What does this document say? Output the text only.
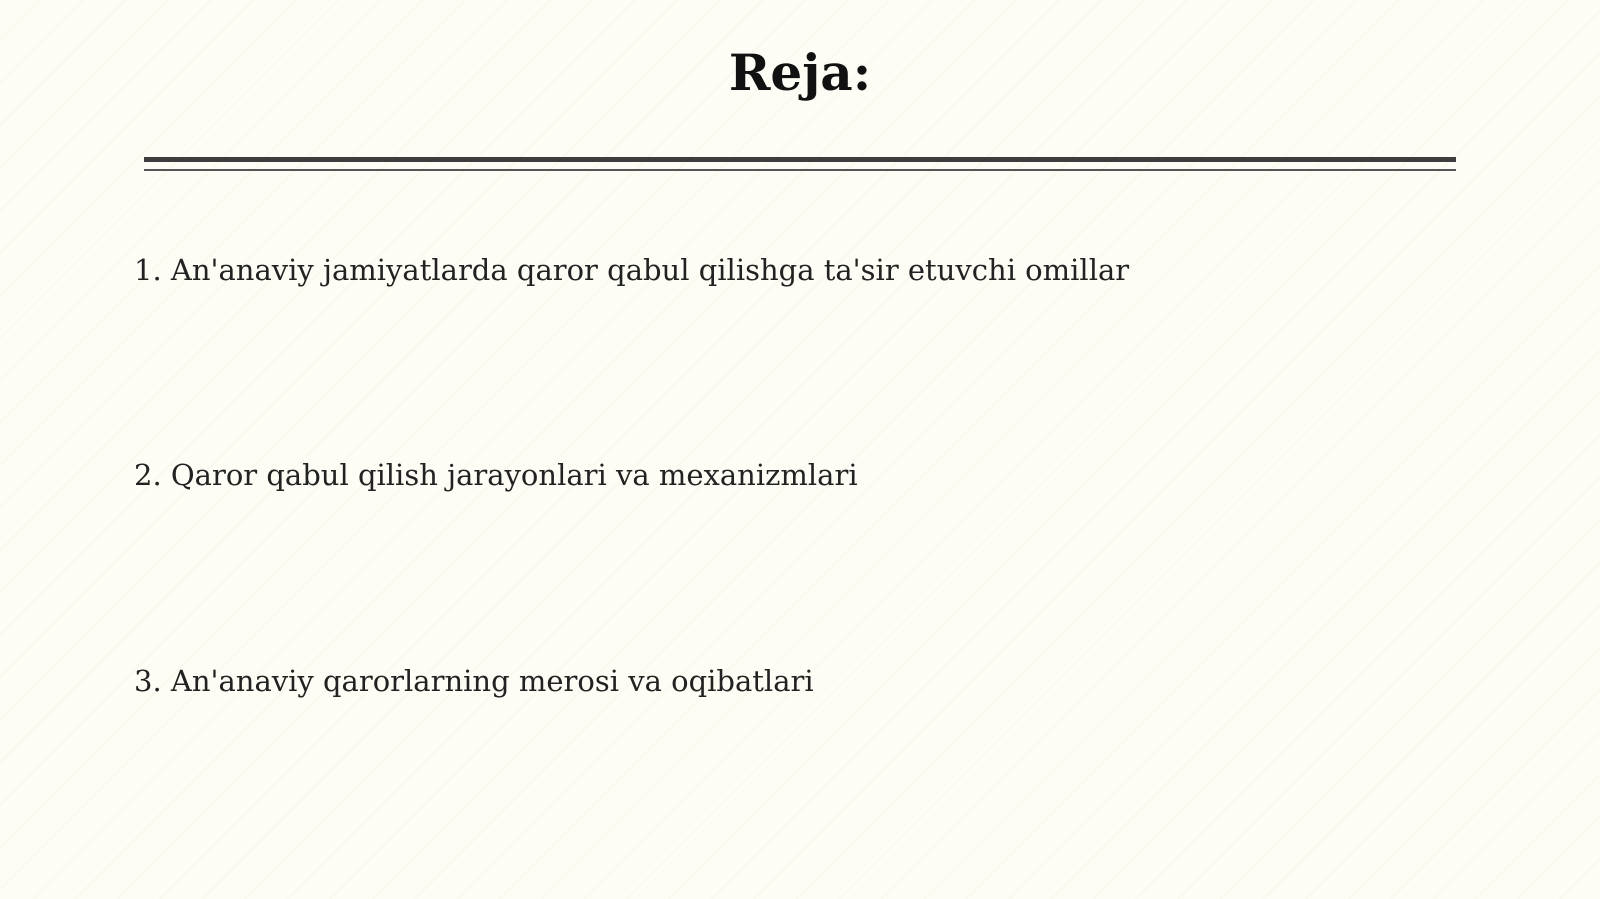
Reja:
1. An'anaviy jamiyatlarda qaror qabul qilishga ta'sir etuvchi omillar
2. Qaror qabul qilish jarayonlari va mexanizmlari
3. An'anaviy qarorlarning merosi va oqibatlari
